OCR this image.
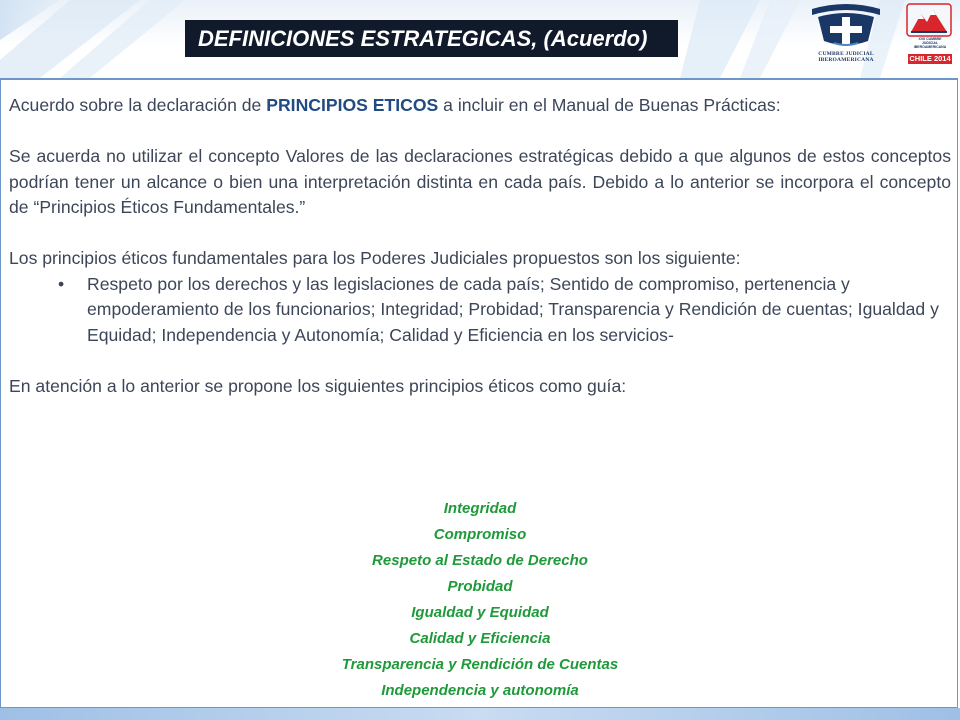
DEFINICIONES ESTRATEGICAS, (Acuerdo)
CUMBRE JUDICIAL IBEROAMERICANA
XVII CUMBRE JUDICIAL IBEROAMERICANA
CHILE 2014

Acuerdo sobre la declaración de PRINCIPIOS ETICOS a incluir en el Manual de Buenas Prácticas:

Se acuerda no utilizar el concepto Valores de las declaraciones estratégicas debido a que algunos de estos conceptos podrían tener un alcance o bien una interpretación distinta en cada país. Debido a lo anterior se incorpora el concepto de “Principios Éticos Fundamentales.”

Los principios éticos fundamentales para los Poderes Judiciales propuestos son los siguiente:

• Respeto por los derechos y las legislaciones de cada país; Sentido de compromiso, pertenencia y empoderamiento de los funcionarios; Integridad; Probidad; Transparencia y Rendición de cuentas; Igualdad y Equidad; Independencia y Autonomía; Calidad y Eficiencia en los servicios-

En atención a lo anterior se propone los siguientes principios éticos como guía:

Integridad
Compromiso
Respeto al Estado de Derecho
Probidad
Igualdad y Equidad
Calidad y Eficiencia
Transparencia y Rendición de Cuentas
Independencia y autonomía
